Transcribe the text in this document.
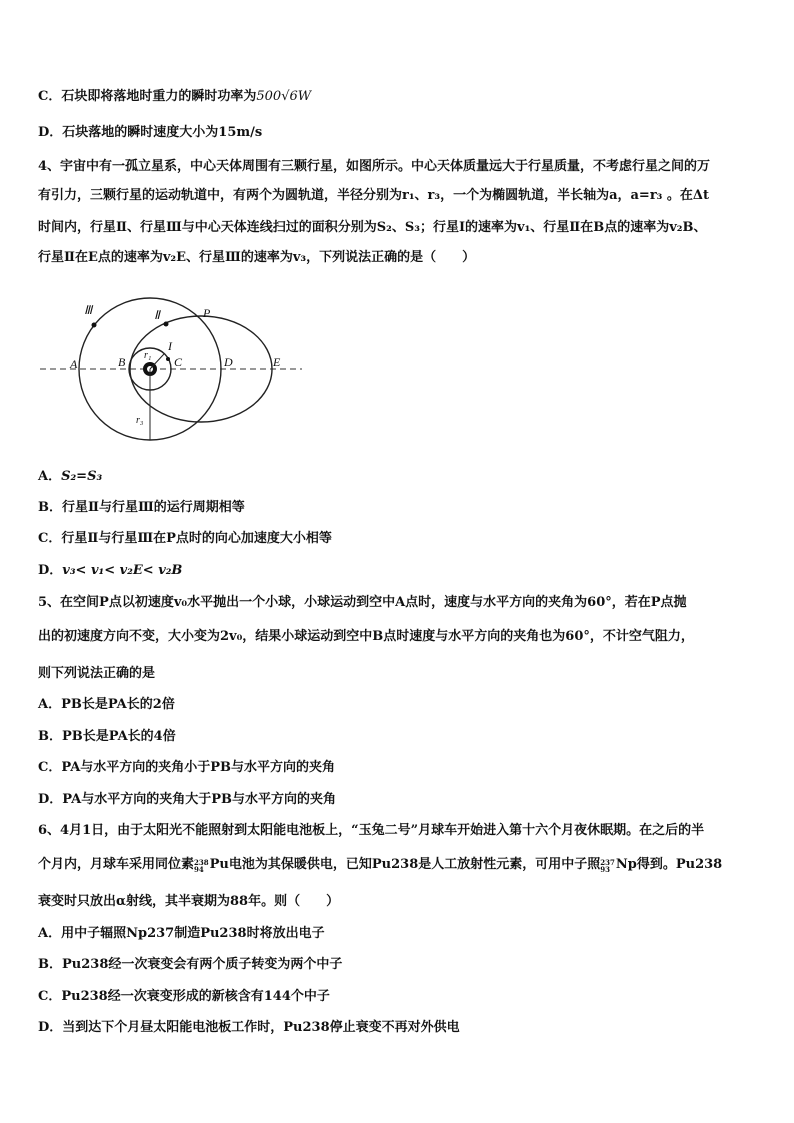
C．石块即将落地时重力的瞬时功率为500√6W
D．石块落地的瞬时速度大小为15m/s
4、宇宙中有一孤立星系，中心天体周围有三颗行星，如图所示。中心天体质量远大于行星质量，不考虑行星之间的万
有引力，三颗行星的运动轨道中，有两个为圆轨道，半径分别为r₁、r₃，一个为椭圆轨道，半长轴为a，a=r₃ 。在Δt
时间内，行星Ⅱ、行星Ⅲ与中心天体连线扫过的面积分别为S₂、S₃；行星Ⅰ的速率为v₁、行星Ⅱ在B点的速率为v₂B、
行星Ⅱ在E点的速率为v₂E、行星Ⅲ的速率为v₃，下列说法正确的是（　　）
Ⅲ	Ⅱ
I
P
A	B	C	D	E
r₁
r₃
A．S₂=S₃
B．行星Ⅱ与行星Ⅲ的运行周期相等
C．行星Ⅱ与行星Ⅲ在P点时的向心加速度大小相等
D．v₃< v₁< v₂E< v₂B
5、在空间P点以初速度v₀水平抛出一个小球，小球运动到空中A点时，速度与水平方向的夹角为60°，若在P点抛
出的初速度方向不变，大小变为2v₀，结果小球运动到空中B点时速度与水平方向的夹角也为60°，不计空气阻力，
则下列说法正确的是
A．PB长是PA长的2倍
B．PB长是PA长的4倍
C．PA与水平方向的夹角小于PB与水平方向的夹角
D．PA与水平方向的夹角大于PB与水平方向的夹角
6、4月1日，由于太阳光不能照射到太阳能电池板上，“玉兔二号”月球车开始进入第十六个月夜休眠期。在之后的半
个月内，月球车采用同位素 238
94 Pu电池为其保暖供电，已知Pu238是人工放射性元素，可用中子照 237
93 Np得到。Pu238
衰变时只放出α射线，其半衰期为88年。则（　　）
A．用中子辐照Np237制造Pu238时将放出电子
B．Pu238经一次衰变会有两个质子转变为两个中子
C．Pu238经一次衰变形成的新核含有144个中子
D．当到达下个月昼太阳能电池板工作时，Pu238停止衰变不再对外供电
